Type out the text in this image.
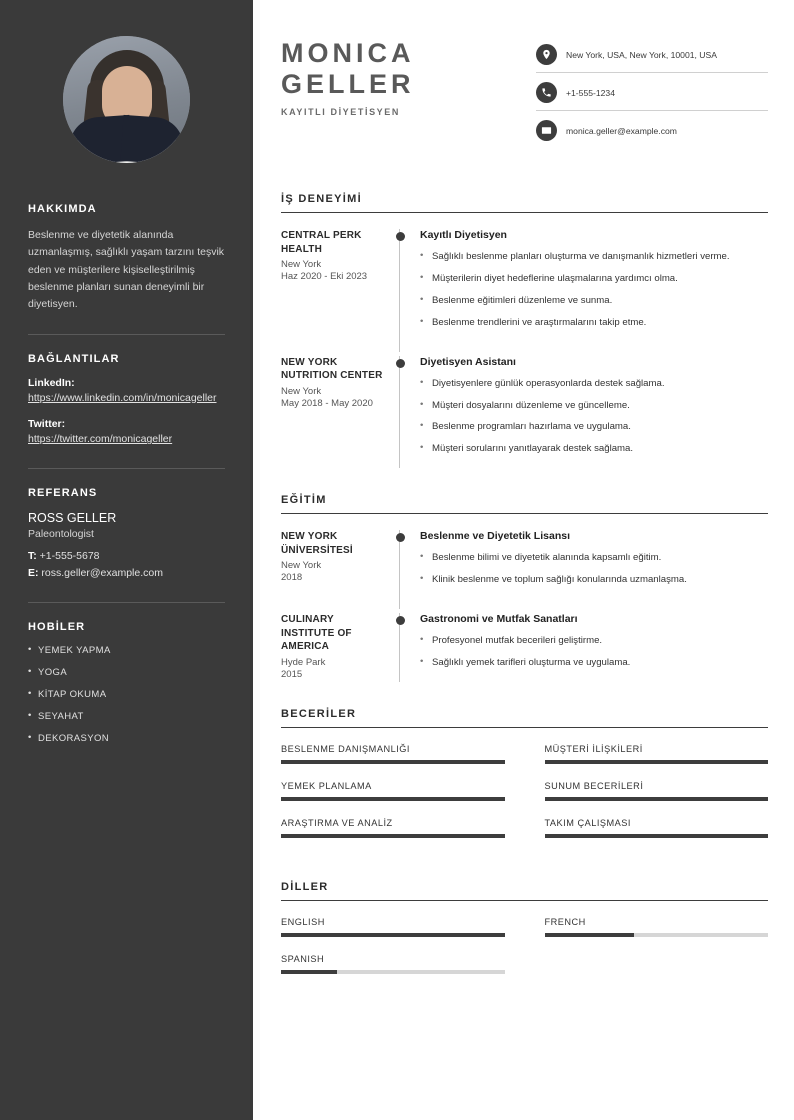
HAKKIMDA

Beslenme ve diyetetik alanında uzmanlaşmış, sağlıklı yaşam tarzını teşvik eden ve müşterilere kişiselleştirilmiş beslenme planları sunan deneyimli bir diyetisyen.

BAĞLANTILAR
LinkedIn:
https://www.linkedin.com/in/monicageller
Twitter:
https://twitter.com/monicageller
REFERANS
ROSS GELLER
Paleontologist
T: +1-555-5678
E: ross.geller@example.com
HOBİLER
• YEMEK YAPMA
• YOGA
• KİTAP OKUMA
• SEYAHAT
• DEKORASYON
MONICA
GELLER
KAYITLI DİYETİSYEN
New York, USA, New York, 10001, USA
+1-555-1234
monica.geller@example.com
İŞ DENEYİMİ
CENTRAL PERK HEALTH
New York
Haz 2020 - Eki 2023
Kayıtlı Diyetisyen
• Sağlıklı beslenme planları oluşturma ve danışmanlık hizmetleri verme.
• Müşterilerin diyet hedeflerine ulaşmalarına yardımcı olma.
• Beslenme eğitimleri düzenleme ve sunma.
• Beslenme trendlerini ve araştırmalarını takip etme.
NEW YORK NUTRITION CENTER
New York
May 2018 - May 2020
Diyetisyen Asistanı
• Diyetisyenlere günlük operasyonlarda destek sağlama.
• Müşteri dosyalarını düzenleme ve güncelleme.
• Beslenme programları hazırlama ve uygulama.
• Müşteri sorularını yanıtlayarak destek sağlama.
EĞİTİM
NEW YORK ÜNİVERSİTESİ
New York
2018
Beslenme ve Diyetetik Lisansı
• Beslenme bilimi ve diyetetik alanında kapsamlı eğitim.
• Klinik beslenme ve toplum sağlığı konularında uzmanlaşma.
CULINARY INSTITUTE OF AMERICA
Hyde Park
2015
Gastronomi ve Mutfak Sanatları
• Profesyonel mutfak becerileri geliştirme.
• Sağlıklı yemek tarifleri oluşturma ve uygulama.
BECERİLER
BESLENME DANIŞMANLIĞI	MÜŞTERİ İLİŞKİLERİ
YEMEK PLANLAMA	SUNUM BECERİLERİ
ARAŞTIRMA VE ANALİZ	TAKIM ÇALIŞMASI
DİLLER
ENGLISH	FRENCH
SPANISH
